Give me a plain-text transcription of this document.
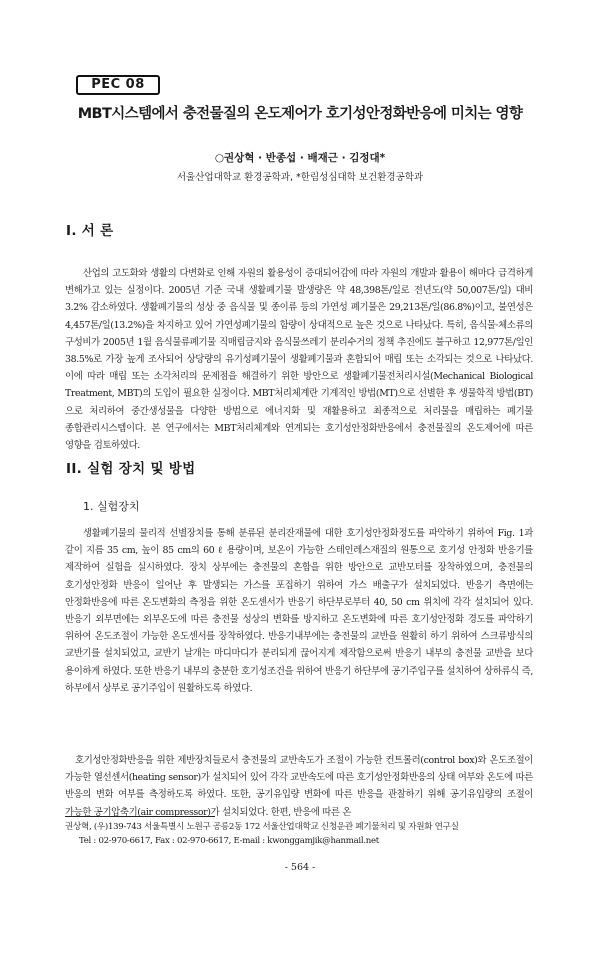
PEC 08
MBT시스템에서 충전물질의 온도제어가 호기성안정화반응에 미치는 영향
○권상혁 · 반종섭 · 배재근 · 김정대*
서울산업대학교 환경공학과, *한림성심대학 보건환경공학과
I. 서 론
산업의 고도화와 생활의 다변화로 인해 자원의 활용성이 증대되어감에 따라 자원의 개발과 활용이 해마다 급격하게 변해가고 있는 실정이다. 2005년 기준 국내 생활폐기물 발생량은 약 48,398톤/일로 전년도(약 50,007톤/일) 대비 3.2% 감소하였다. 생활폐기물의 성상 중 음식물 및 종이류 등의 가연성 폐기물은 29,213톤/일(86.8%)이고, 불연성은 4,457톤/일(13.2%)을 차지하고 있어 가연성폐기물의 함량이 상대적으로 높은 것으로 나타났다. 특히, 음식물·체소류의 구성비가 2005년 1월 음식물류폐기물 직매립금지와 음식물쓰레기 분리수거의 정책 추진에도 불구하고 12,977톤/일인 38.5%로 가장 높게 조사되어 상당량의 유기성폐기물이 생활폐기물과 혼합되어 매립 또는 소각되는 것으로 나타났다. 이에 따라 매립 또는 소각처리의 문제점을 해결하기 위한 방안으로 생활폐기물전처리시설(Mechanical Biological Treatment, MBT)의 도입이 필요한 실정이다. MBT처리체계란 기계적인 방법(MT)으로 선별한 후 생물학적 방법(BT)으로 처리하여 중간생성물을 다양한 방법으로 에너지화 및 재활용하고 최종적으로 처리물을 매립하는 폐기물 종합관리시스템이다. 본 연구에서는 MBT처리체계와 연계되는 호기성안정화반응에서 충전물질의 온도제어에 따른 영향을 검토하였다.
II. 실험 장치 및 방법
1. 실험장치
생활폐기물의 물리적 선별장치를 통해 분류된 분리잔재물에 대한 호기성안정화정도를 파악하기 위하여 Fig. 1과 같이 지름 35 cm, 높이 85 cm의 60 ℓ 용량이며, 보온이 가능한 스테인레스재질의 원통으로 호기성 안정화 반응기를 제작하여 실험을 실시하였다. 장치 상부에는 충전물의 혼합을 위한 방안으로 교반모터를 장착하였으며, 충전물의 호기성안정화 반응이 일어난 후 발생되는 가스를 포집하기 위하여 가스 배출구가 설치되었다. 반응기 측면에는 안정화반응에 따른 온도변화의 측정을 위한 온도센서가 반응기 하단부로부터 40, 50 cm 위치에 각각 설치되어 있다. 반응기 외부면에는 외부온도에 따른 충전물 성상의 변화를 방지하고 온도변화에 따른 호기성안정화 경도를 파악하기 위하여 온도조절이 가능한 온도센서를 장착하였다. 반응기내부에는 충전물의 교반을 원활히 하기 위하여 스크류방식의 교반기를 설치되었고, 교반기 날개는 마디마디가 분리되게 끊어지게 제작함으로써 반응기 내부의 충전물 교반을 보다 용이하게 하였다. 또한 반응기 내부의 충분한 호기성조건을 위하여 반응기 하단부에 공기주입구를 설치하여 상하류식 즉, 하부에서 상부로 공기주입이 원활하도록 하였다.
호기성안정화반응을 위한 제반장치들로서 충전물의 교반속도가 조절이 가능한 컨트롤러(control box)와 온도조절이 가능한 열선센서(heating sensor)가 설치되어 있어 각각 교반속도에 따른 호기성안정화반응의 상태 여부와 온도에 따른 반응의 변화 여부를 측정하도록 하였다. 또한, 공기유입량 변화에 따른 반응을 관찰하기 위해 공기유입량의 조절이 가능한 공기압축기(air compressor)가 설치되었다. 한편, 반응에 따른 온
권상혁, (우)139-743 서울특별시 노원구 공릉2동 172 서울산업대학교 신청운관 폐기물처리 및 자원화 연구실
Tel : 02-970-6617, Fax : 02-970-6617, E-mail : kwonggamjik@hanmail.net
- 564 -
